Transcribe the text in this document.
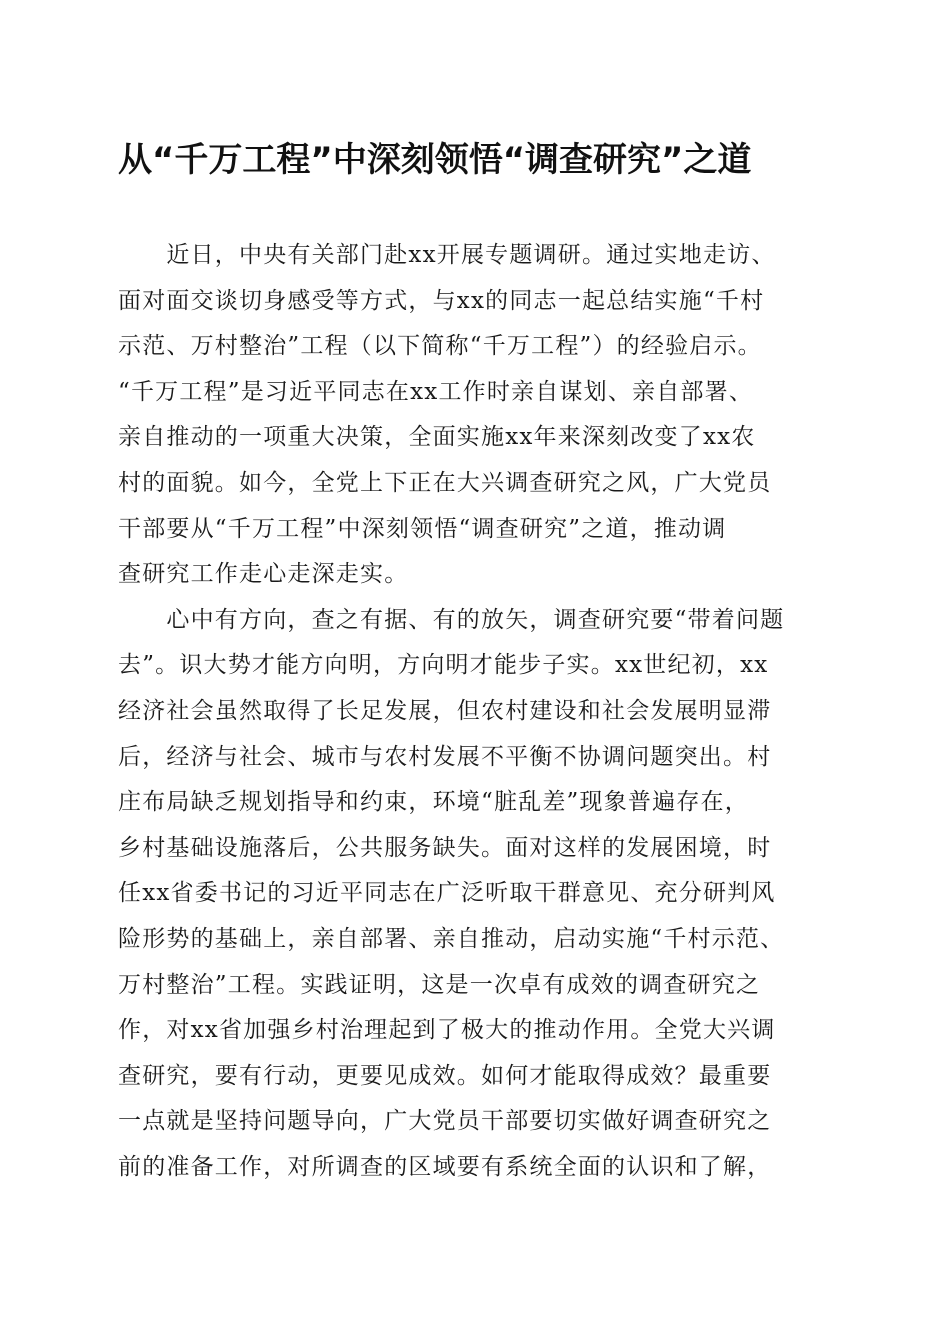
从“千万工程”中深刻领悟“调查研究”之道

　　近日，中央有关部门赴xx开展专题调研。通过实地走访、
面对面交谈切身感受等方式，与xx的同志一起总结实施“千村
示范、万村整治”工程（以下简称“千万工程”）的经验启示。
“千万工程”是习近平同志在xx工作时亲自谋划、亲自部署、
亲自推动的一项重大决策，全面实施xx年来深刻改变了xx农
村的面貌。如今，全党上下正在大兴调查研究之风，广大党员
干部要从“千万工程”中深刻领悟“调查研究”之道，推动调
查研究工作走心走深走实。

　　心中有方向，查之有据、有的放矢，调查研究要“带着问题
去”。识大势才能方向明，方向明才能步子实。xx世纪初，xx
经济社会虽然取得了长足发展，但农村建设和社会发展明显滞
后，经济与社会、城市与农村发展不平衡不协调问题突出。村
庄布局缺乏规划指导和约束，环境“脏乱差”现象普遍存在，
乡村基础设施落后，公共服务缺失。面对这样的发展困境，时
任xx省委书记的习近平同志在广泛听取干群意见、充分研判风
险形势的基础上，亲自部署、亲自推动，启动实施“千村示范、
万村整治”工程。实践证明，这是一次卓有成效的调查研究之
作，对xx省加强乡村治理起到了极大的推动作用。全党大兴调
查研究，要有行动，更要见成效。如何才能取得成效？最重要
一点就是坚持问题导向，广大党员干部要切实做好调查研究之
前的准备工作，对所调查的区域要有系统全面的认识和了解，
